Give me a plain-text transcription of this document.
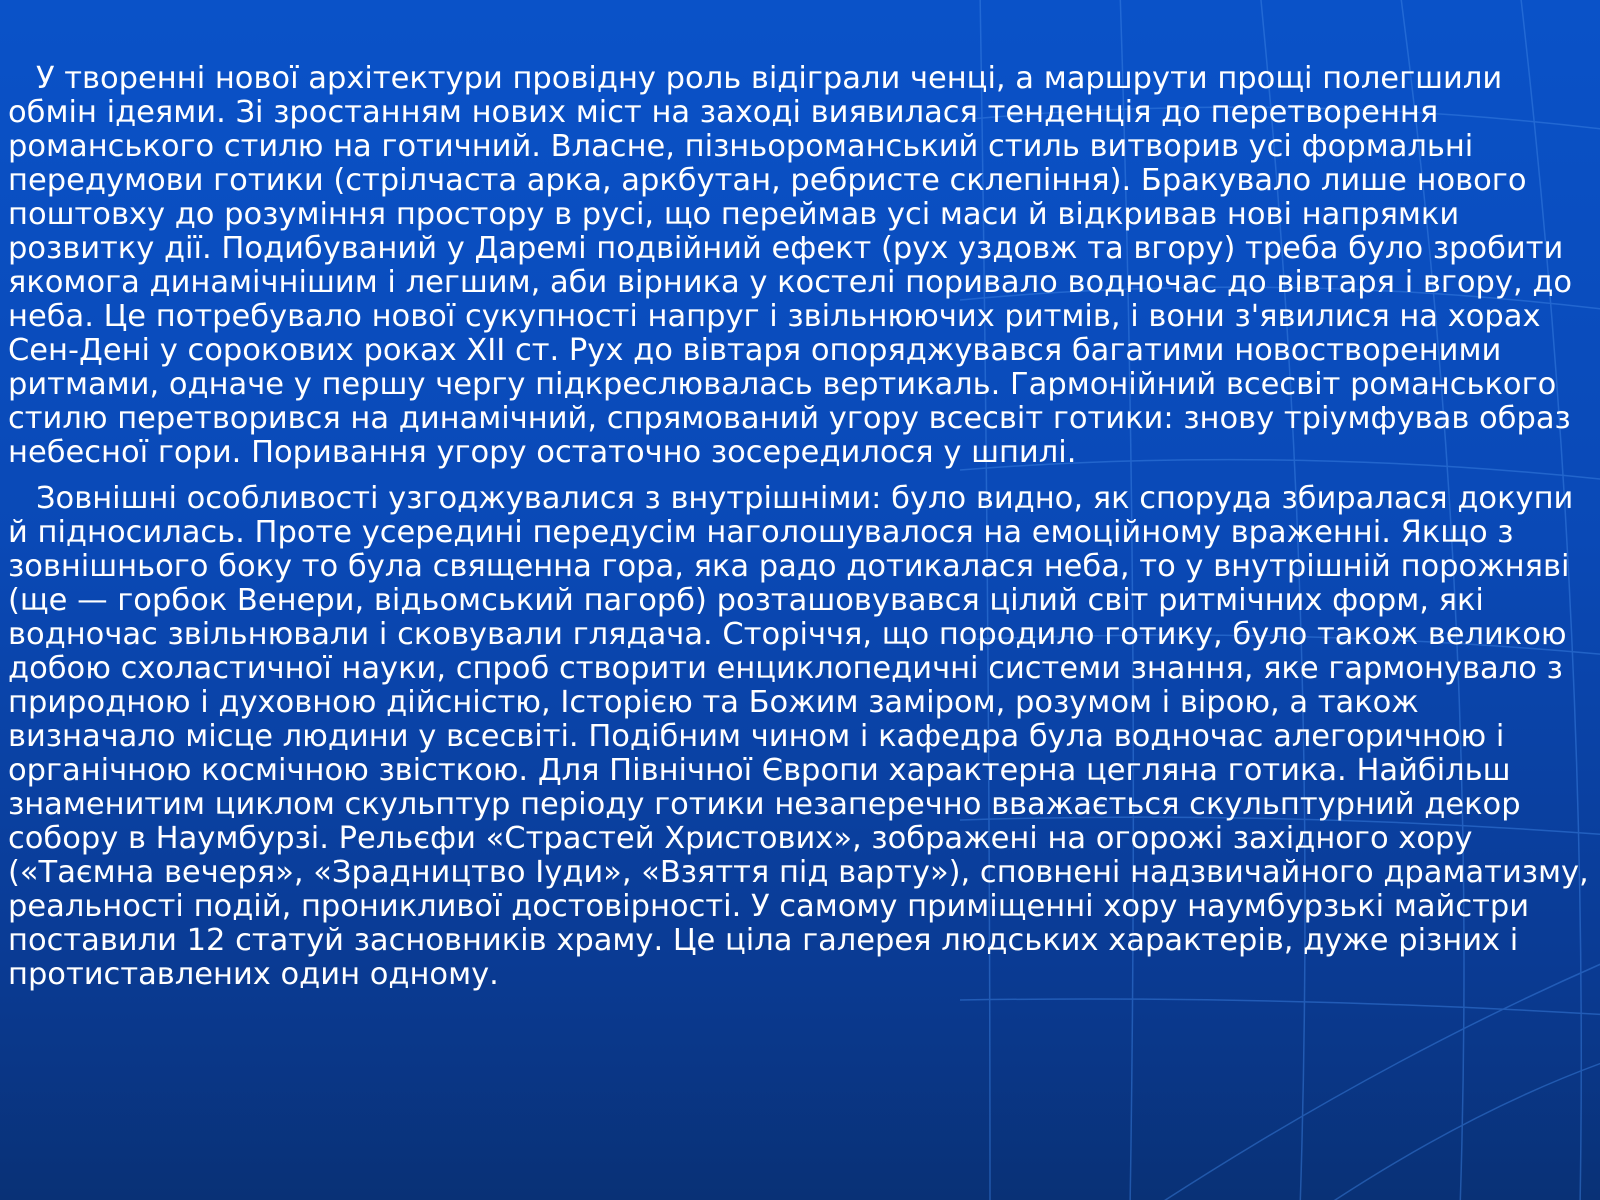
У творенні нової архітектури провідну роль відіграли ченці, а маршрути прощі полегшили обмін ідеями. Зі зростанням нових міст на заході виявилася тенденція до перетворення романського стилю на готичний. Власне, пізньороманський стиль витворив усі формальні передумови готики (стрілчаста арка, аркбутан, ребристе склепіння). Бракувало лише нового поштовху до розуміння простору в русі, що переймав усі маси й відкривав нові напрямки розвитку дії. Подибуваний у Даремі подвійний ефект (рух уздовж та вгору) треба було зробити якомога динамічнішим і легшим, аби вірника у костелі поривало водночас до вівтаря і вгору, до неба. Це потребувало нової сукупності напруг і звільнюючих ритмів, і вони з'явилися на хорах Сен-Дені у сорокових роках XII ст. Рух до вівтаря опоряджувався багатими новоствореними ритмами, одначе у першу чергу підкреслювалась вертикаль. Гармонійний всесвіт романського стилю перетворився на динамічний, спрямований угору всесвіт готики: знову тріумфував образ небесної гори. Поривання угору остаточно зосередилося у шпилі.

Зовнішні особливості узгоджувалися з внутрішніми: було видно, як споруда збиралася докупи й підносилась. Проте усередині передусім наголошувалося на емоційному враженні. Якщо з зовнішнього боку то була священна гора, яка радо дотикалася неба, то у внутрішній порожняві (ще — горбок Венери, відьомський пагорб) розташовувався цілий світ ритмічних форм, які водночас звільнювали і сковували глядача. Сторіччя, що породило готику, було також великою добою схоластичної науки, спроб створити енциклопедичні системи знання, яке гармонувало з природною і духовною дійсністю, Історією та Божим заміром, розумом і вірою, а також визначало місце людини у всесвіті. Подібним чином і кафедра була водночас алегоричною і органічною космічною звісткою. Для Північної Європи характерна цегляна готика. Найбільш знаменитим циклом скульптур періоду готики незаперечно вважається скульптурний декор собору в Наумбурзі. Рельєфи «Страстей Христових», зображені на огорожі західного хору («Таємна вечеря», «Зрадництво Іуди», «Взяття під варту»), сповнені надзвичайного драматизму, реальності подій, проникливої достовірності. У самому приміщенні хору наумбурзькі майстри поставили 12 статуй засновників храму. Це ціла галерея людських характерів, дуже різних і протиставлених один одному.
